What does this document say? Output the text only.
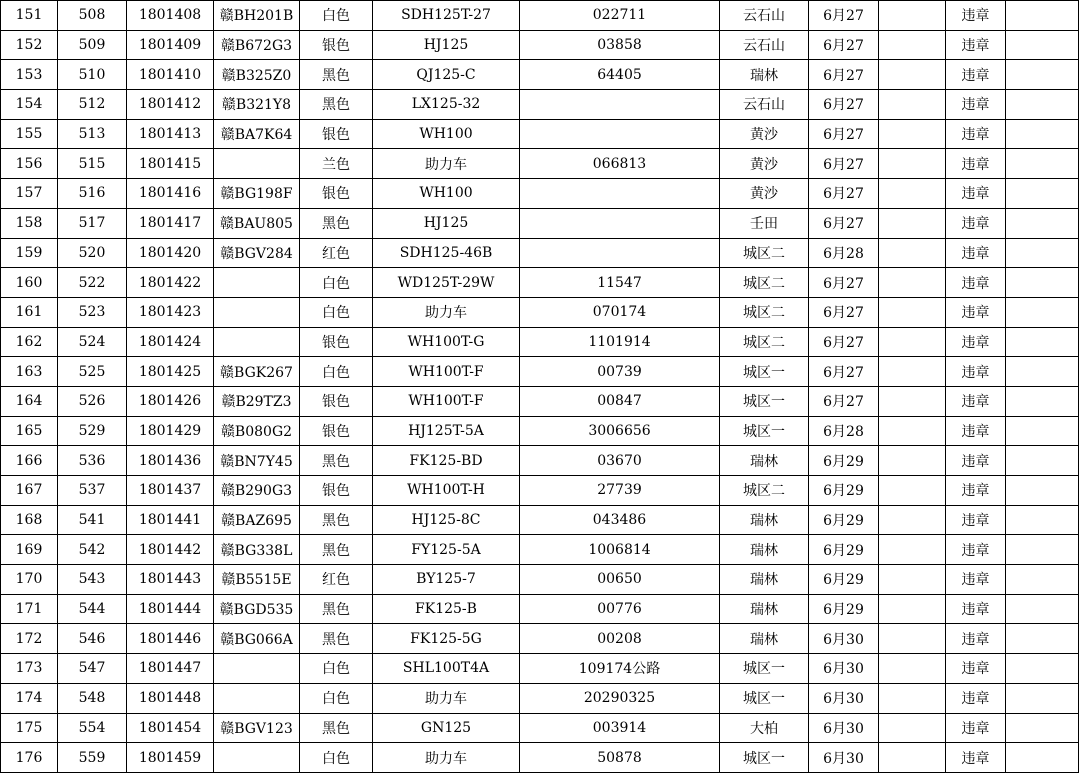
151	508	1801408	赣BH201B	白色	SDH125T-27	022711	云石山	6月27		违章	
152	509	1801409	赣B672G3	银色	HJ125	03858	云石山	6月27		违章	
153	510	1801410	赣B325Z0	黑色	QJ125-C	64405	瑞林	6月27		违章	
154	512	1801412	赣B321Y8	黑色	LX125-32		云石山	6月27		违章	
155	513	1801413	赣BA7K64	银色	WH100		黄沙	6月27		违章	
156	515	1801415		兰色	助力车	066813	黄沙	6月27		违章	
157	516	1801416	赣BG198F	银色	WH100		黄沙	6月27		违章	
158	517	1801417	赣BAU805	黑色	HJ125		壬田	6月27		违章	
159	520	1801420	赣BGV284	红色	SDH125-46B		城区二	6月28		违章	
160	522	1801422		白色	WD125T-29W	11547	城区二	6月27		违章	
161	523	1801423		白色	助力车	070174	城区二	6月27		违章	
162	524	1801424		银色	WH100T-G	1101914	城区二	6月27		违章	
163	525	1801425	赣BGK267	白色	WH100T-F	00739	城区一	6月27		违章	
164	526	1801426	赣B29TZ3	银色	WH100T-F	00847	城区一	6月27		违章	
165	529	1801429	赣B080G2	银色	HJ125T-5A	3006656	城区一	6月28		违章	
166	536	1801436	赣BN7Y45	黑色	FK125-BD	03670	瑞林	6月29		违章	
167	537	1801437	赣B290G3	银色	WH100T-H	27739	城区二	6月29		违章	
168	541	1801441	赣BAZ695	黑色	HJ125-8C	043486	瑞林	6月29		违章	
169	542	1801442	赣BG338L	黑色	FY125-5A	1006814	瑞林	6月29		违章	
170	543	1801443	赣B5515E	红色	BY125-7	00650	瑞林	6月29		违章	
171	544	1801444	赣BGD535	黑色	FK125-B	00776	瑞林	6月29		违章	
172	546	1801446	赣BG066A	黑色	FK125-5G	00208	瑞林	6月30		违章	
173	547	1801447		白色	SHL100T4A	109174公路	城区一	6月30		违章	
174	548	1801448		白色	助力车	20290325	城区一	6月30		违章	
175	554	1801454	赣BGV123	黑色	GN125	003914	大柏	6月30		违章	
176	559	1801459		白色	助力车	50878	城区一	6月30		违章	
